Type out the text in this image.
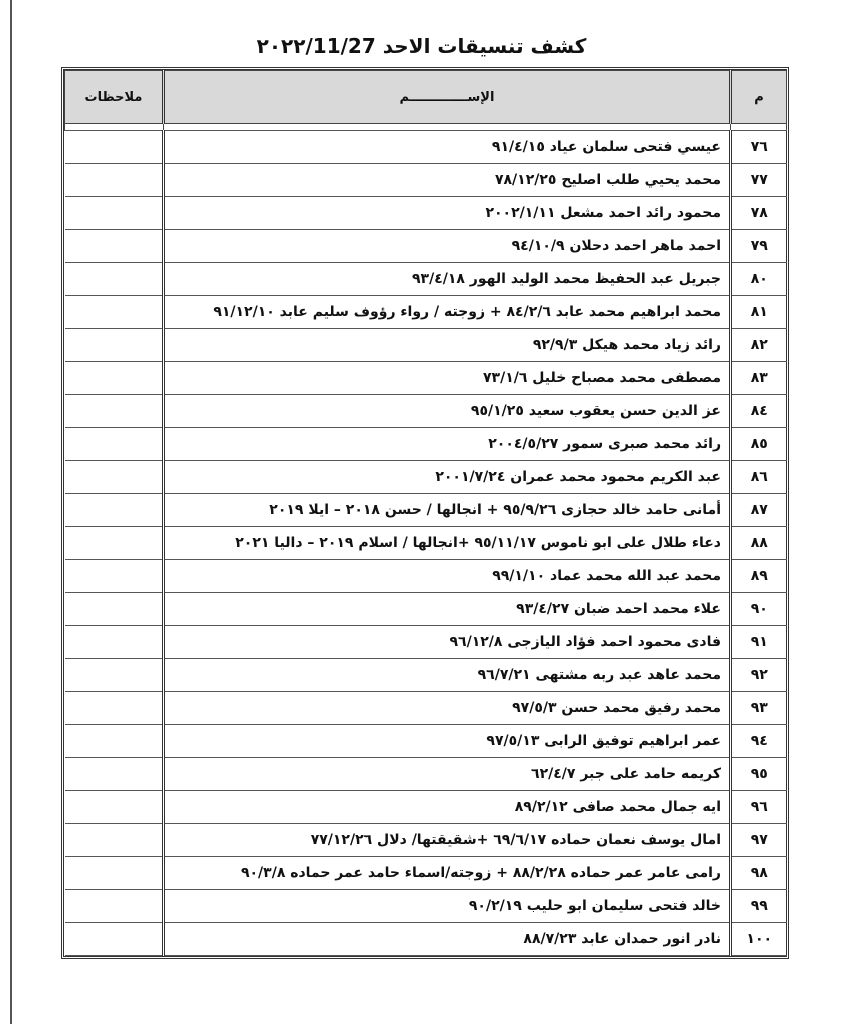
كشف تنسيقات الاحد ٢٠٢٢/11/27
م	الإســـــــــــــم	ملاحظات

٧٦	عيسي فتحى سلمان عياد ٩١/٤/١٥	
٧٧	محمد يحيي طلب اصليح ٧٨/١٢/٢٥	
٧٨	محمود رائد احمد مشعل ٢٠٠٢/١/١١	
٧٩	احمد ماهر احمد دحلان ٩٤/١٠/٩	
٨٠	جبريل عبد الحفيظ محمد الوليد الهور ٩٣/٤/١٨	
٨١	محمد ابراهيم محمد عابد ٨٤/٢/٦ + زوجته / رواء رؤوف سليم عابد ٩١/١٢/١٠	
٨٢	رائد زياد محمد هيكل ٩٢/٩/٣	
٨٣	مصطفى محمد مصباح خليل ٧٣/١/٦	
٨٤	عز الدين حسن يعقوب سعيد ٩٥/١/٢٥	
٨٥	رائد محمد صبرى سمور ٢٠٠٤/٥/٢٧	
٨٦	عبد الكريم محمود محمد عمران ٢٠٠١/٧/٢٤	
٨٧	أمانى حامد خالد حجازى ٩٥/٩/٢٦ + انجالها / حسن ٢٠١٨ – ايلا ٢٠١٩	
٨٨	دعاء طلال على ابو ناموس ٩٥/١١/١٧ +انجالها / اسلام ٢٠١٩ – داليا ٢٠٢١	
٨٩	محمد عبد الله محمد عماد ٩٩/١/١٠	
٩٠	علاء محمد احمد ضبان ٩٣/٤/٢٧	
٩١	فادى محمود احمد فؤاد اليازجى ٩٦/١٢/٨	
٩٢	محمد عاهد عبد ربه مشتهى ٩٦/٧/٢١	
٩٣	محمد رفيق محمد حسن ٩٧/٥/٣	
٩٤	عمر ابراهيم توفيق الرابى ٩٧/٥/١٣	
٩٥	كريمه حامد على جبر ٦٢/٤/٧	
٩٦	ايه جمال محمد صافى ٨٩/٢/١٢	
٩٧	امال يوسف نعمان حماده ٦٩/٦/١٧ +شقيقتها/ دلال ٧٧/١٢/٢٦	
٩٨	رامى عامر عمر حماده ٨٨/٢/٢٨ + زوجته/اسماء حامد عمر حماده ٩٠/٣/٨	
٩٩	خالد فتحى سليمان ابو حليب ٩٠/٢/١٩	
١٠٠	نادر انور حمدان عابد ٨٨/٧/٢٣	
